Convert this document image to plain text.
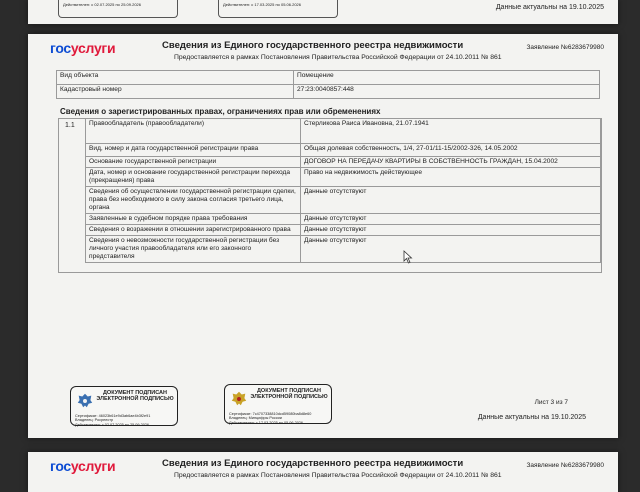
Действителен: с 02.07.2025 по 25.09.2026	Действителен: с 17.03.2025 по 05.06.2026	Данные актуальны на 19.10.2025
госуслуги	Сведения из Единого государственного реестра недвижимости
Предоставляется в рамках Постановления Правительства Российской Федерации от 24.10.2011 № 861
Заявление №6283679980
Вид объекта	Помещение
Кадастровый номер	27:23:0040857:448
Сведения о зарегистрированных правах, ограничениях прав или обременениях
1.1 Правообладатель (правообладатели)	Стерликова Раиса Ивановна, 21.07.1941
Вид, номер и дата государственной регистрации права	Общая долевая собственность, 1/4, 27-01/11-15/2002-326, 14.05.2002
Основание государственной регистрации	ДОГОВОР НА ПЕРЕДАЧУ КВАРТИРЫ В СОБСТВЕННОСТЬ ГРАЖДАН, 15.04.2002
Дата, номер и основание государственной регистрации перехода (прекращения) права	Право на недвижимость действующее
Сведения об осуществлении государственной регистрации сделки, права без необходимого в силу закона согласия третьего лица, органа	Данные отсутствуют
Заявленные в судебном порядке права требования	Данные отсутствуют
Сведения о возражении в отношении зарегистрированного права	Данные отсутствуют
Сведения о невозможности государственной регистрации без личного участия правообладателя или его законного представителя	Данные отсутствуют
ДОКУМЕНТ ПОДПИСАН ЭЛЕКТРОННОЙ ПОДПИСЬЮ
Сертификат: 46023b61e9d3ab6ae4b3f2e91
Владелец: Росреестр
Действителен: с 02.07.2025 по 25.09.2026
ДОКУМЕНТ ПОДПИСАН ЭЛЕКТРОННОЙ ПОДПИСЬЮ
Сертификат: 7c4707338810dcd59080ba8d8e60
Владелец: Минцифры России
Действителен: с 17.03.2025 по 05.06.2026
Лист 3 из 7
Данные актуальны на 19.10.2025
госуслуги	Сведения из Единого государственного реестра недвижимости
Предоставляется в рамках Постановления Правительства Российской Федерации от 24.10.2011 № 861
Заявление №6283679980
